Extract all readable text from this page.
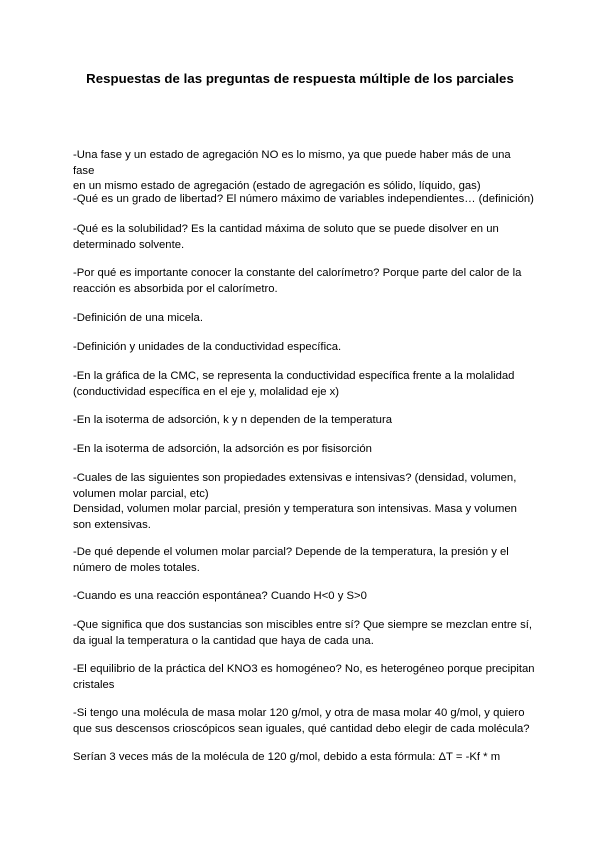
Respuestas de las preguntas de respuesta múltiple de los parciales
-Una fase y un estado de agregación NO es lo mismo, ya que puede haber más de una fase
en un mismo estado de agregación (estado de agregación es sólido, líquido, gas)
-Qué es un grado de libertad? El número máximo de variables independientes… (definición)
-Qué es la solubilidad? Es la cantidad máxima de soluto que se puede disolver en un
determinado solvente.
-Por qué es importante conocer la constante del calorímetro? Porque parte del calor de la
reacción es absorbida por el calorímetro.
-Definición de una micela.
-Definición y unidades de la conductividad específica.
-En la gráfica de la CMC, se representa la conductividad específica frente a la molalidad
(conductividad específica en el eje y, molalidad eje x)
-En la isoterma de adsorción, k y n dependen de la temperatura
-En la isoterma de adsorción, la adsorción es por fisisorción
-Cuales de las siguientes son propiedades extensivas e intensivas? (densidad, volumen,
volumen molar parcial, etc)
Densidad, volumen molar parcial, presión y temperatura son intensivas. Masa y volumen
son extensivas.
-De qué depende el volumen molar parcial? Depende de la temperatura, la presión y el
número de moles totales.
-Cuando es una reacción espontánea? Cuando H<0 y S>0
-Que significa que dos sustancias son miscibles entre sí? Que siempre se mezclan entre sí,
da igual la temperatura o la cantidad que haya de cada una.
-El equilibrio de la práctica del KNO3 es homogéneo? No, es heterogéneo porque precipitan
cristales
-Si tengo una molécula de masa molar 120 g/mol, y otra de masa molar 40 g/mol, y quiero
que sus descensos crioscópicos sean iguales, qué cantidad debo elegir de cada molécula?
Serían 3 veces más de la molécula de 120 g/mol, debido a esta fórmula: ΔT = -Kf * m
